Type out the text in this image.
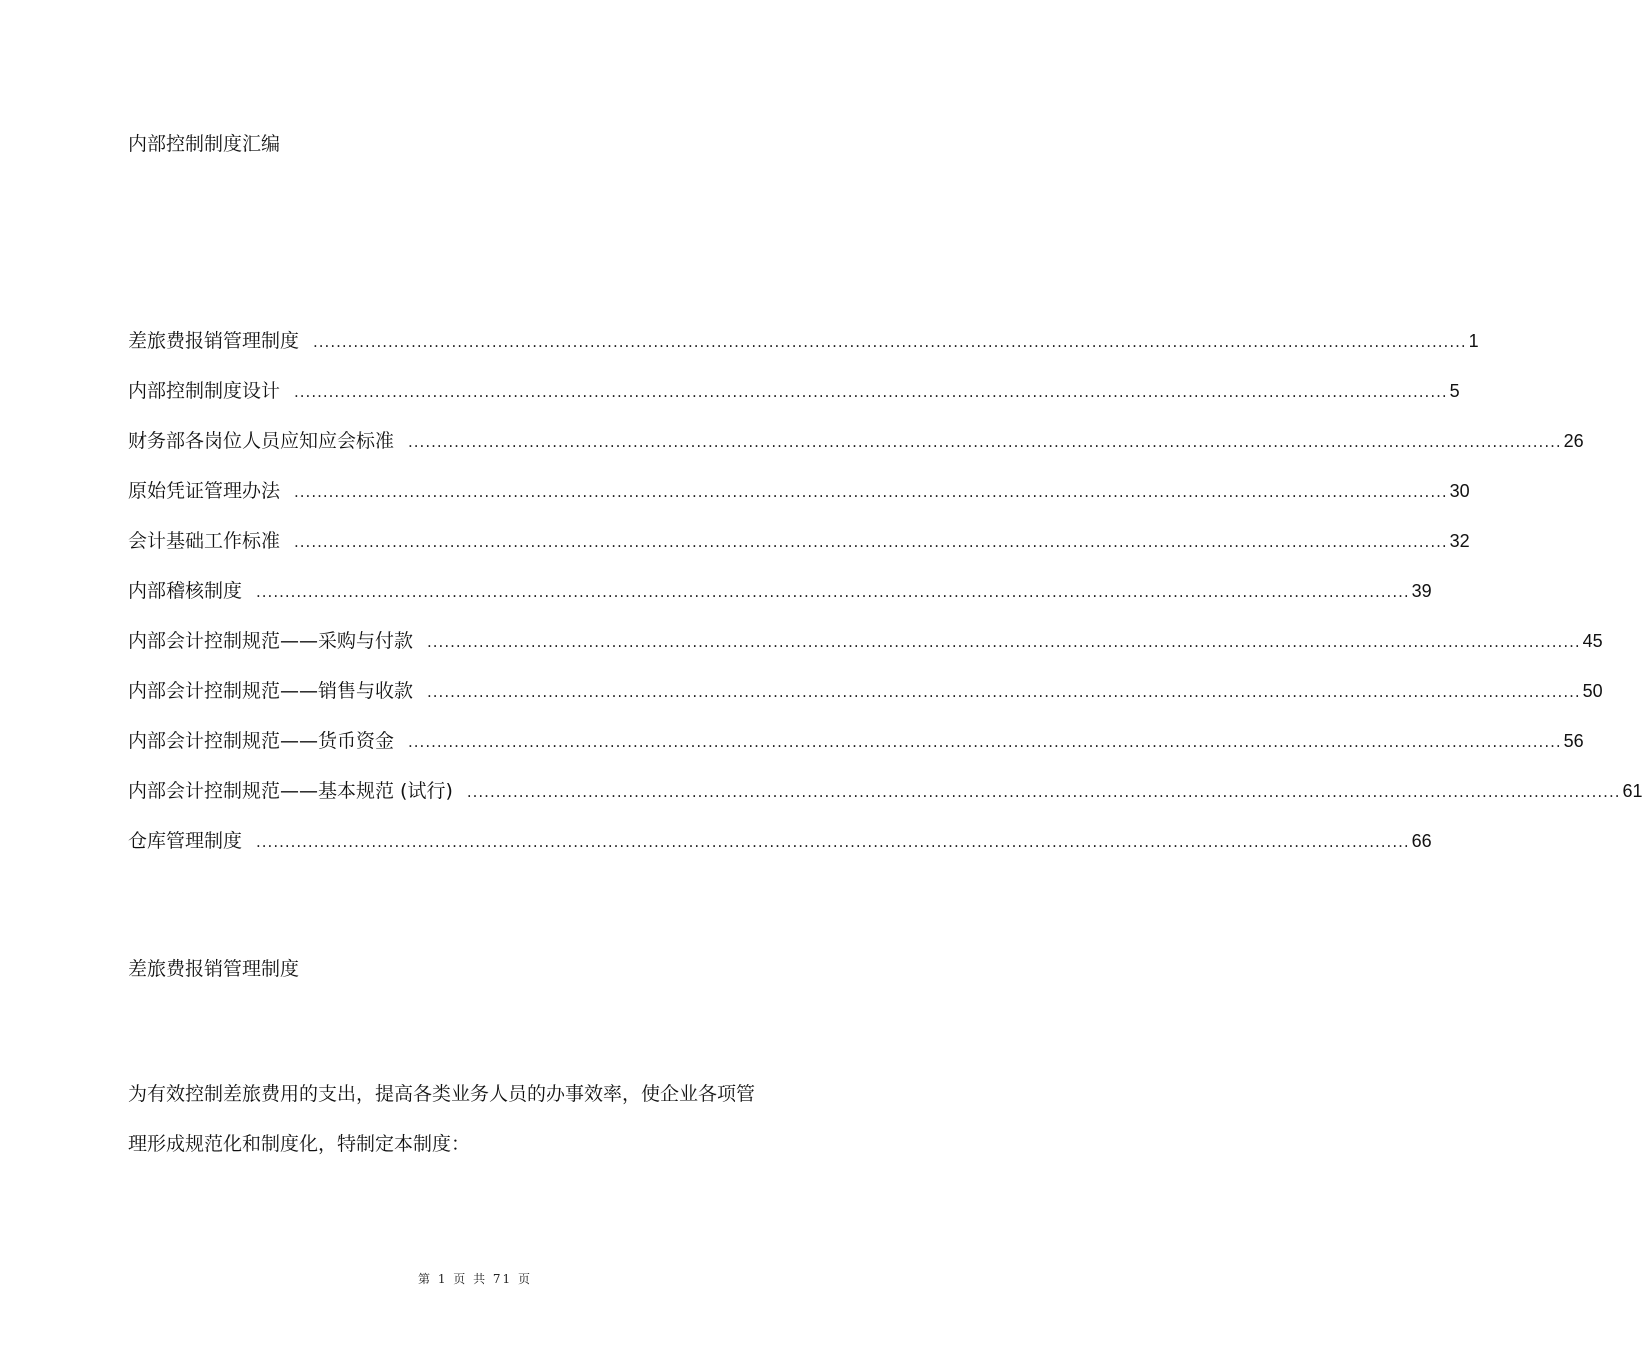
内部控制制度汇编
差旅费报销管理制度 ........................................................................................................................................................................................................ 1
内部控制制度设计 ........................................................................................................................................................................................................ 5
财务部各岗位人员应知应会标准 ........................................................................................................................................................................................................ 26
原始凭证管理办法 ........................................................................................................................................................................................................ 30
会计基础工作标准 ........................................................................................................................................................................................................ 32
内部稽核制度 ........................................................................................................................................................................................................ 39
内部会计控制规范——采购与付款 ........................................................................................................................................................................................................ 45
内部会计控制规范——销售与收款 ........................................................................................................................................................................................................ 50
内部会计控制规范——货币资金 ........................................................................................................................................................................................................ 56
内部会计控制规范——基本规范 (试行) ........................................................................................................................................................................................................ 61
仓库管理制度 ........................................................................................................................................................................................................ 66
差旅费报销管理制度
为有效控制差旅费用的支出，提高各类业务人员的办事效率，使企业各项管
理形成规范化和制度化，特制定本制度：
第 1 页 共 71 页
